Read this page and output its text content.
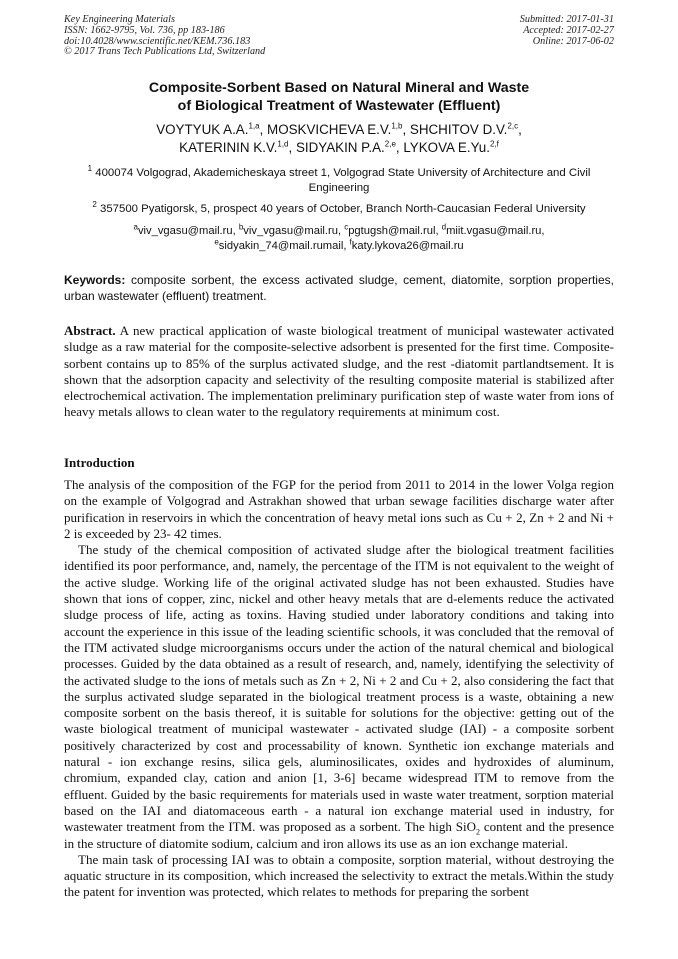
Key Engineering Materials
ISSN: 1662-9795, Vol. 736, pp 183-186
doi:10.4028/www.scientific.net/KEM.736.183
© 2017 Trans Tech Publications Ltd, Switzerland
Submitted: 2017-01-31
Accepted: 2017-02-27
Online: 2017-06-02
Composite-Sorbent Based on Natural Mineral and Waste
of Biological Treatment of Wastewater (Effluent)
VOYTYUK A.A.$^{1,a}$, MOSKVICHEVA E.V.$^{1,b}$, SHCHITOV D.V.$^{2,c}$,
KATERININ K.V.$^{1,d}$, SIDYAKIN P.A.$^{2,e}$, LYKOVA E.Yu.$^{2,f}$
$^1$ 400074 Volgograd, Akademicheskaya street 1, Volgograd State University of Architecture and Civil Engineering
$^2$ 357500 Pyatigorsk, 5, prospect 40 years of October, Branch North-Caucasian Federal University
$^a$viv_vgasu@mail.ru, $^b$viv_vgasu@mail.ru, $^c$pgtugsh@mail.rul, $^d$miit.vgasu@mail.ru,
$^e$sidyakin_74@mail.rumail, $^f$katy.lykova26@mail.ru
Keywords: composite sorbent, the excess activated sludge, cement, diatomite, sorption properties, urban wastewater (effluent) treatment.
Abstract. A new practical application of waste biological treatment of municipal wastewater activated sludge as a raw material for the composite-selective adsorbent is presented for the first time. Composite-sorbent contains up to 85% of the surplus activated sludge, and the rest -diatomit partlandtsement. It is shown that the adsorption capacity and selectivity of the resulting composite material is stabilized after electrochemical activation. The implementation preliminary purification step of waste water from ions of heavy metals allows to clean water to the regulatory requirements at minimum cost.
Introduction

The analysis of the composition of the FGP for the period from 2011 to 2014 in the lower Volga region on the example of Volgograd and Astrakhan showed that urban sewage facilities discharge water after purification in reservoirs in which the concentration of heavy metal ions such as Cu + 2, Zn + 2 and Ni + 2 is exceeded by 23- 42 times.

The study of the chemical composition of activated sludge after the biological treatment facilities identified its poor performance, and, namely, the percentage of the ITM is not equivalent to the weight of the active sludge. Working life of the original activated sludge has not been exhausted. Studies have shown that ions of copper, zinc, nickel and other heavy metals that are d-elements reduce the activated sludge process of life, acting as toxins. Having studied under laboratory conditions and taking into account the experience in this issue of the leading scientific schools, it was concluded that the removal of the ITM activated sludge microorganisms occurs under the action of the natural chemical and biological processes. Guided by the data obtained as a result of research, and, namely, identifying the selectivity of the activated sludge to the ions of metals such as Zn + 2, Ni + 2 and Cu + 2, also considering the fact that the surplus activated sludge separated in the biological treatment process is a waste, obtaining a new composite sorbent on the basis thereof, it is suitable for solutions for the objective: getting out of the waste biological treatment of municipal wastewater - activated sludge (IAI) - a composite sorbent positively characterized by cost and processability of known. Synthetic ion exchange materials and natural - ion exchange resins, silica gels, aluminosilicates, oxides and hydroxides of aluminum, chromium, expanded clay, cation and anion [1, 3-6] became widespread ITM to remove from the effluent. Guided by the basic requirements for materials used in waste water treatment, sorption material based on the IAI and diatomaceous earth - a natural ion exchange material used in industry, for wastewater treatment from the ITM. was proposed as a sorbent. The high SiO$_2$ content and the presence in the structure of diatomite sodium, calcium and iron allows its use as an ion exchange material.

The main task of processing IAI was to obtain a composite, sorption material, without destroying the aquatic structure in its composition, which increased the selectivity to extract the metals.Within the study the patent for invention was protected, which relates to methods for preparing the sorbent
